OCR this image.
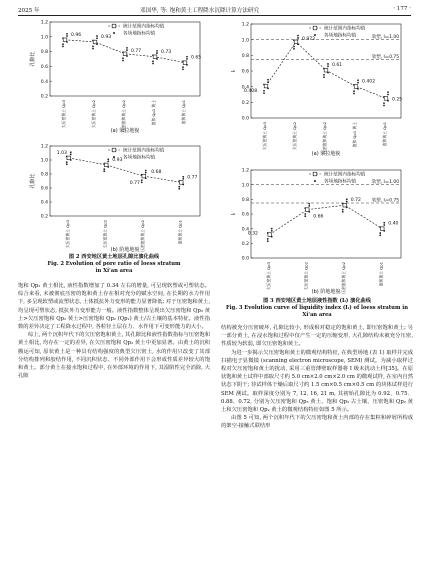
2025 年	邓国华, 等: 饱和黄土工程降水沉降计算方法研究	· 177 ·
0.2
0.4
0.6
0.8
1.0
1.2
孔隙比
0.96	0.93
0.77	0.73
0.65
欠压密黄土 Qp3	欠压密黄土 Qp2	压密饱和黄土 Qp2	饱和 Qp1 黄土	饱和黄土 Qp1
统计范围内指标均值
各场地指标均值
(a) 梁拉地貌

0.2
0.4
0.6
0.8
1.0
1.2
孔隙比
1.03
0.93
0.77
0.77
0.68
欠压密黄土 Qp3	欠压密黄土 Qp2	压密饱和黄土 Qp2	饱和黄土 Qp1
统计范围内指标均值
各场地指标均值
(b) 阶地地貌
图 2 西安地区黄土地层孔隙比演化曲线
Fig. 2 Evolution of pore ratio of loess stratum
in Xi'an area
0.0
0.2
0.4
0.6
0.8
1.0
1.2
Iₗ
软塑, Iₗ=1.00
软塑, Iₗ=0.75
0.408
0.972
0.61
0.402
0.25
欠压密黄土 Qp3	欠压密黄土 Qp2	压密饱和黄土 Qp2	饱和 Qp1 黄土	饱和黄土 Qp1
统计范围内指标均值
各场地指标均值
(a) 梁拉地貌

0.0
0.2
0.4
0.6
0.8
1.0
1.2
Iₗ
软塑, Iₗ=1.00
软塑, Iₗ=0.75
0.32
0.66
0.72
0.40
欠压密黄土 Qp3	欠压密黄土 Qp2	压密饱和黄土 Qp2	饱和黄土 Qp1
统计范围内指标均值
各场地指标均值
(b) 阶地地貌
图 3 西安地区黄土地层液性指数 (Iₗ) 演化曲线
Fig. 3 Evolution curve of liquidity index (Iₗ) of loess stratum in
Xi'an area

饱和 Qp₂ 黄土相比, 液性指数增加了 0.34 左右的增量, 可呈现软塑或可塑状态。综合来看, 未被彻底压密的饱和黄土存在相对充分的赋水空间, 在长期的水力作用下, 多呈现软塑或流塑状态, 土体抵抗外力变形的能力显著降低; 对于压密饱和黄土, 均呈现可塑状态, 抵抗外力变形能力一般。液性指数整体呈现出欠压密饱和 Qp₃ 黄土>欠压密饱和 Qp₂ 黄土>压密饱和 Qp₂ (Qp₁) 黄土/古土壤的基本特征。液性指数的差异决定了工程降水过程中, 各粒径土层在力、水作用下可变形能力的大小。

综上, 两个沉积年代下的欠压密饱和黄土, 其孔隙比和液性指数指标与压密饱和黄土相比, 均存在一定的差异, 在欠压密饱和 Qp₃ 黄土中更加显著。由黄土的沉积搬运可知, 原状黄土是一种具有结构强度的典型欠压密土, 水的作用只改变了其部分结构排列和胶结作用, 不同沉积状态、不同外部作用下会形成性质差异较大的饱和黄土。部分黄土在接水饱和过程中, 在外部环境的作用下, 其湿陷性完全消除, 大孔隙

结构被充分压密破坏, 孔隙比较小, 形成相对稳定的饱和黄土, 即压密饱和黄土; 另一部分黄土, 在浸水饱和过程中仅产生一定的压缩变形, 大孔隙结构未被充分压密, 性质较为软弱, 即欠压密饱和黄土。

为进一步揭示欠压密饱和黄土的微观结构特征, 在典型场地 (表 1) 取样并完成扫描电子显微镜 (scanning electron microscope, SEM) 测试。为减小取样过程对欠压密饱和黄土的扰动, 采用三重管薄壁取样器将 I 级未扰动土样[35]。在原状饱和黄土试样中部取尺寸约 5.0 cm×2.0 cm×2.0 cm 的微观试样, 在室内自然状态下阴干; 待试样体干燥后取尺寸约 1.5 cm×0.5 cm×0.5 cm 的块体试样进行 SEM 测试。取样深度分别为 7, 12, 16, 21 m, 其初始孔隙比为 0.92、0.75、0.88、0.72, 分别为欠压密饱和 Qp₃ 黄土、饱和 Qp₃ 古土壤、压密饱和 Qp₂ 黄土和欠压密饱和 Qp₂ 黄土的微观结构特征如图 5 所示。

由图 5 可知, 两个沉积年代下的欠压密饱和黄土内部的存在集粒和碎屑所构成的架空-接触式联结形
